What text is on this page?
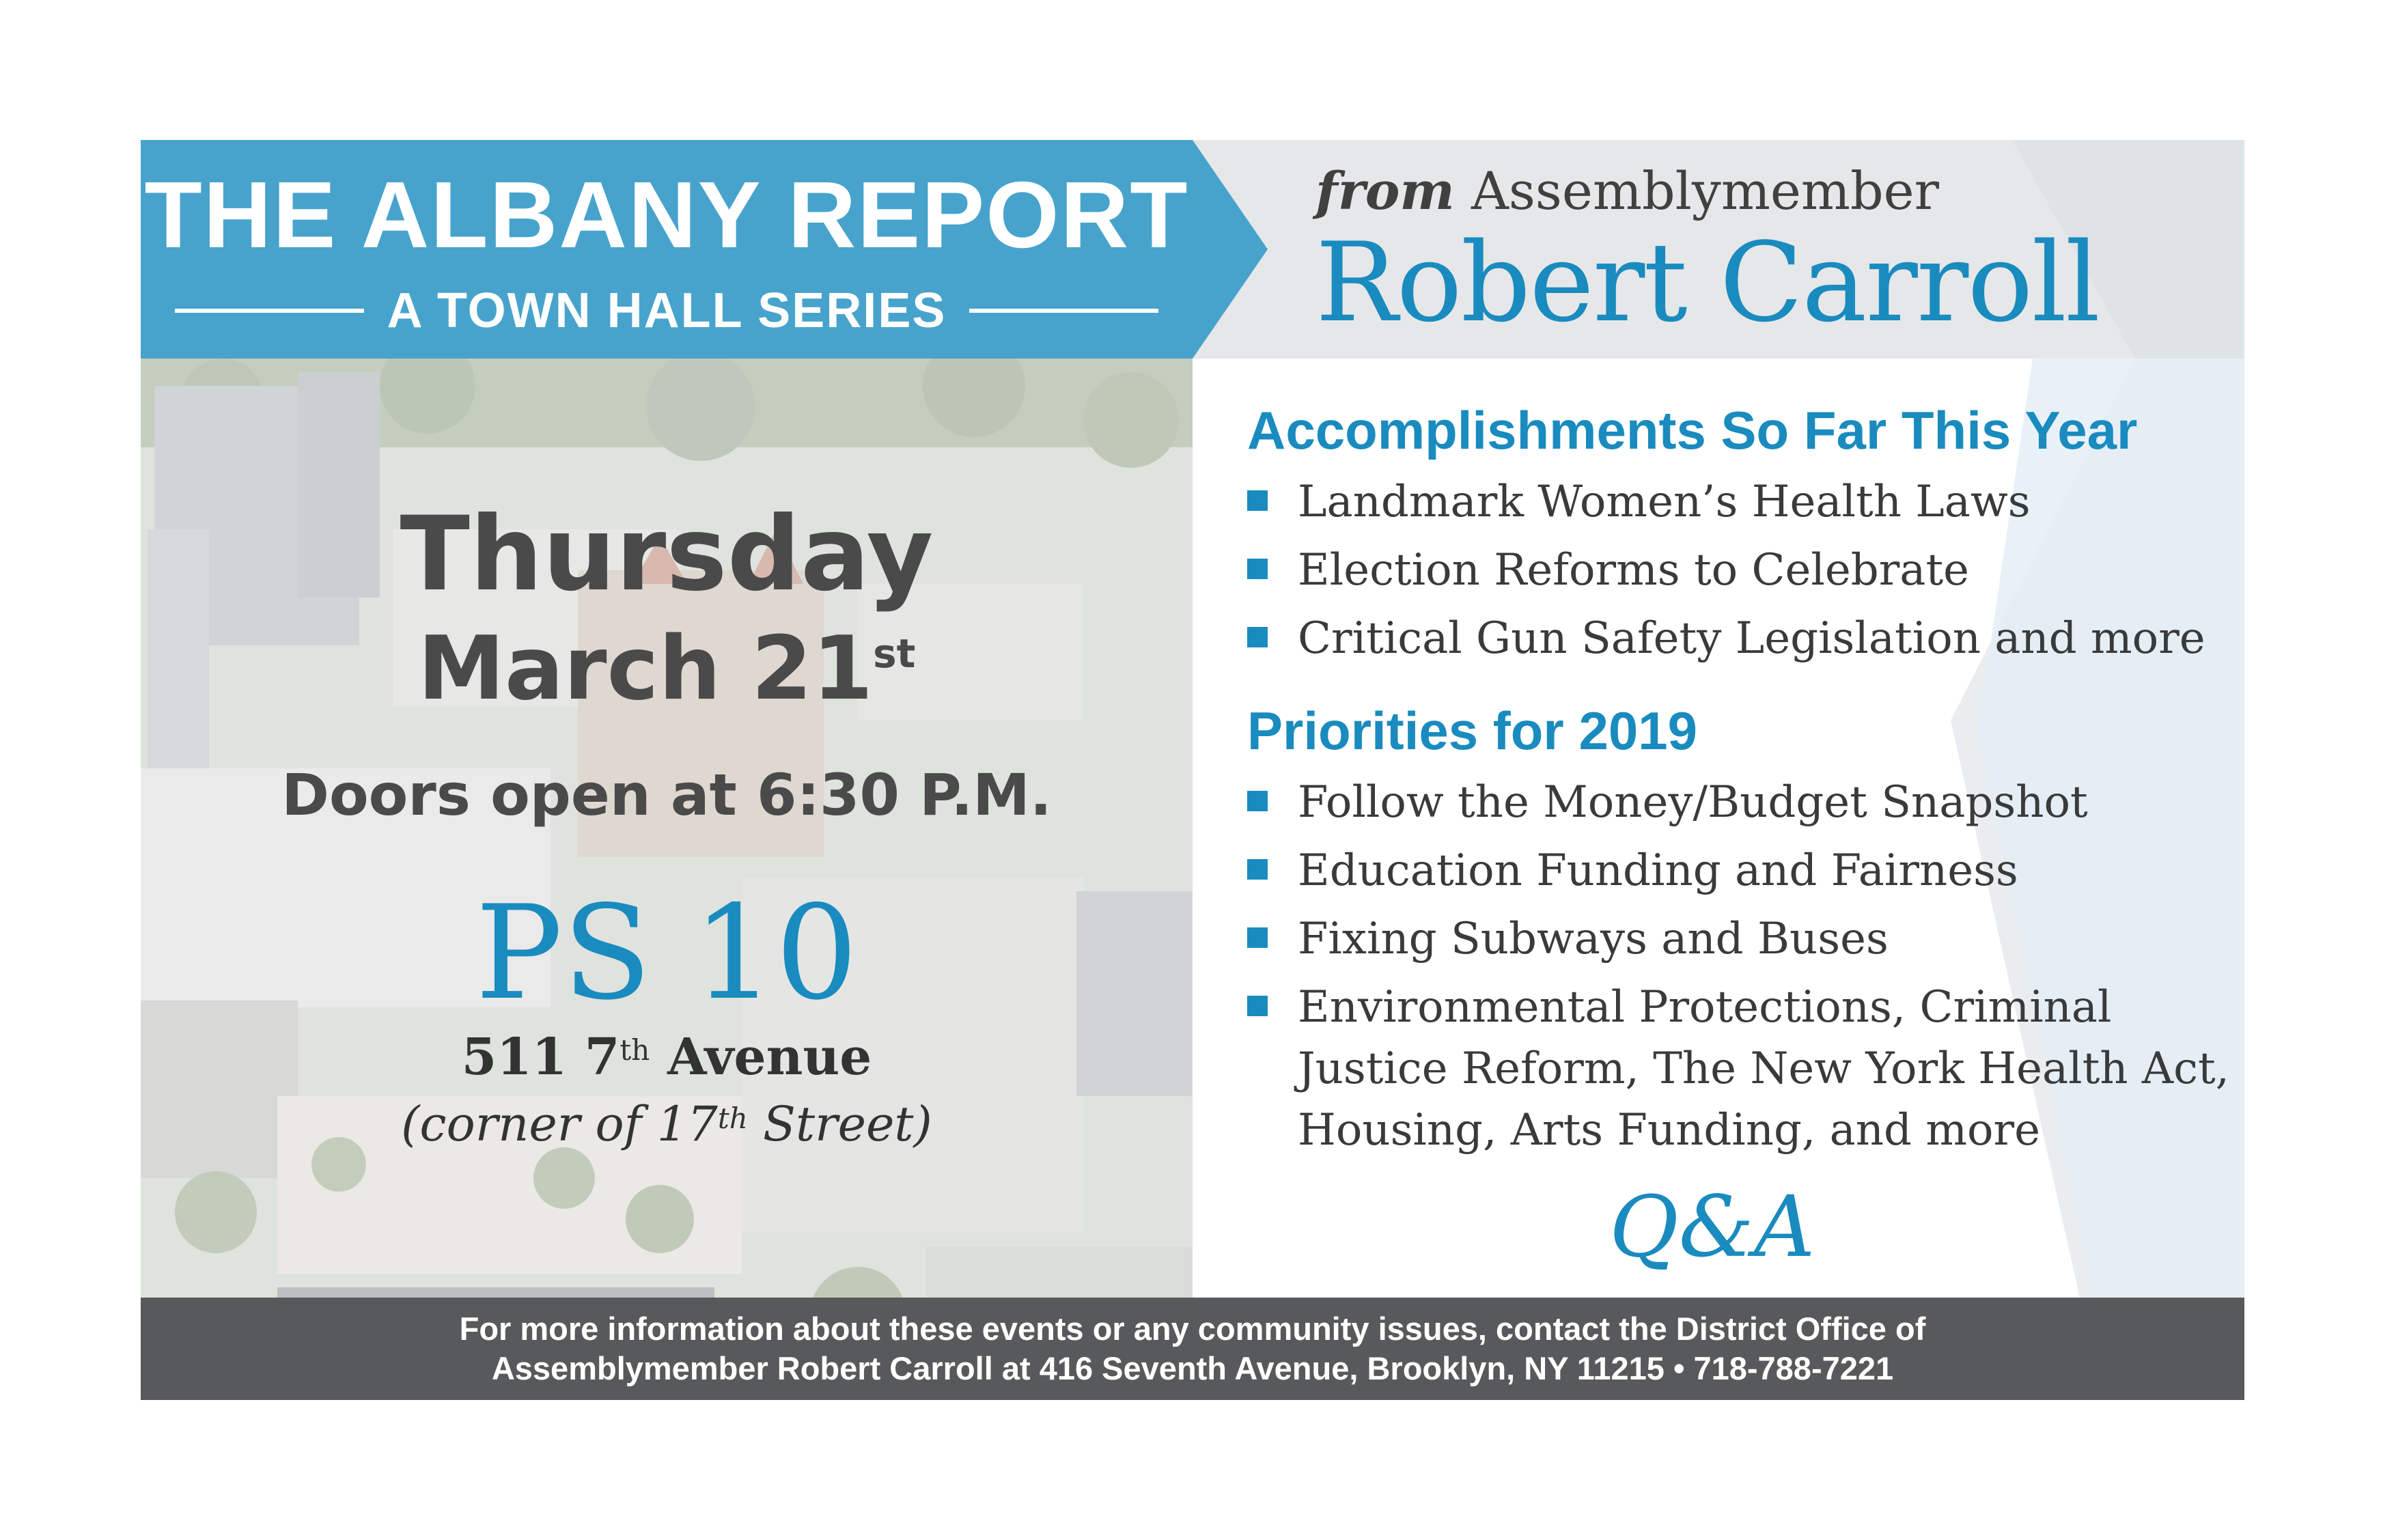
THE ALBANY REPORT
A TOWN HALL SERIES
from Assemblymember
Robert Carroll
Thursday
March 21st
Doors open at 6:30 P.M.
PS 10
511 7th Avenue
(corner of 17th Street)
Accomplishments So Far This Year
Landmark Women’s Health Laws
Election Reforms to Celebrate
Critical Gun Safety Legislation and more
Priorities for 2019
Follow the Money/Budget Snapshot
Education Funding and Fairness
Fixing Subways and Buses
Environmental Protections, Criminal Justice Reform, The New York Health Act, Housing, Arts Funding, and more
Q&A
For more information about these events or any community issues, contact the District Office of
Assemblymember Robert Carroll at 416 Seventh Avenue, Brooklyn, NY 11215 • 718-788-7221
